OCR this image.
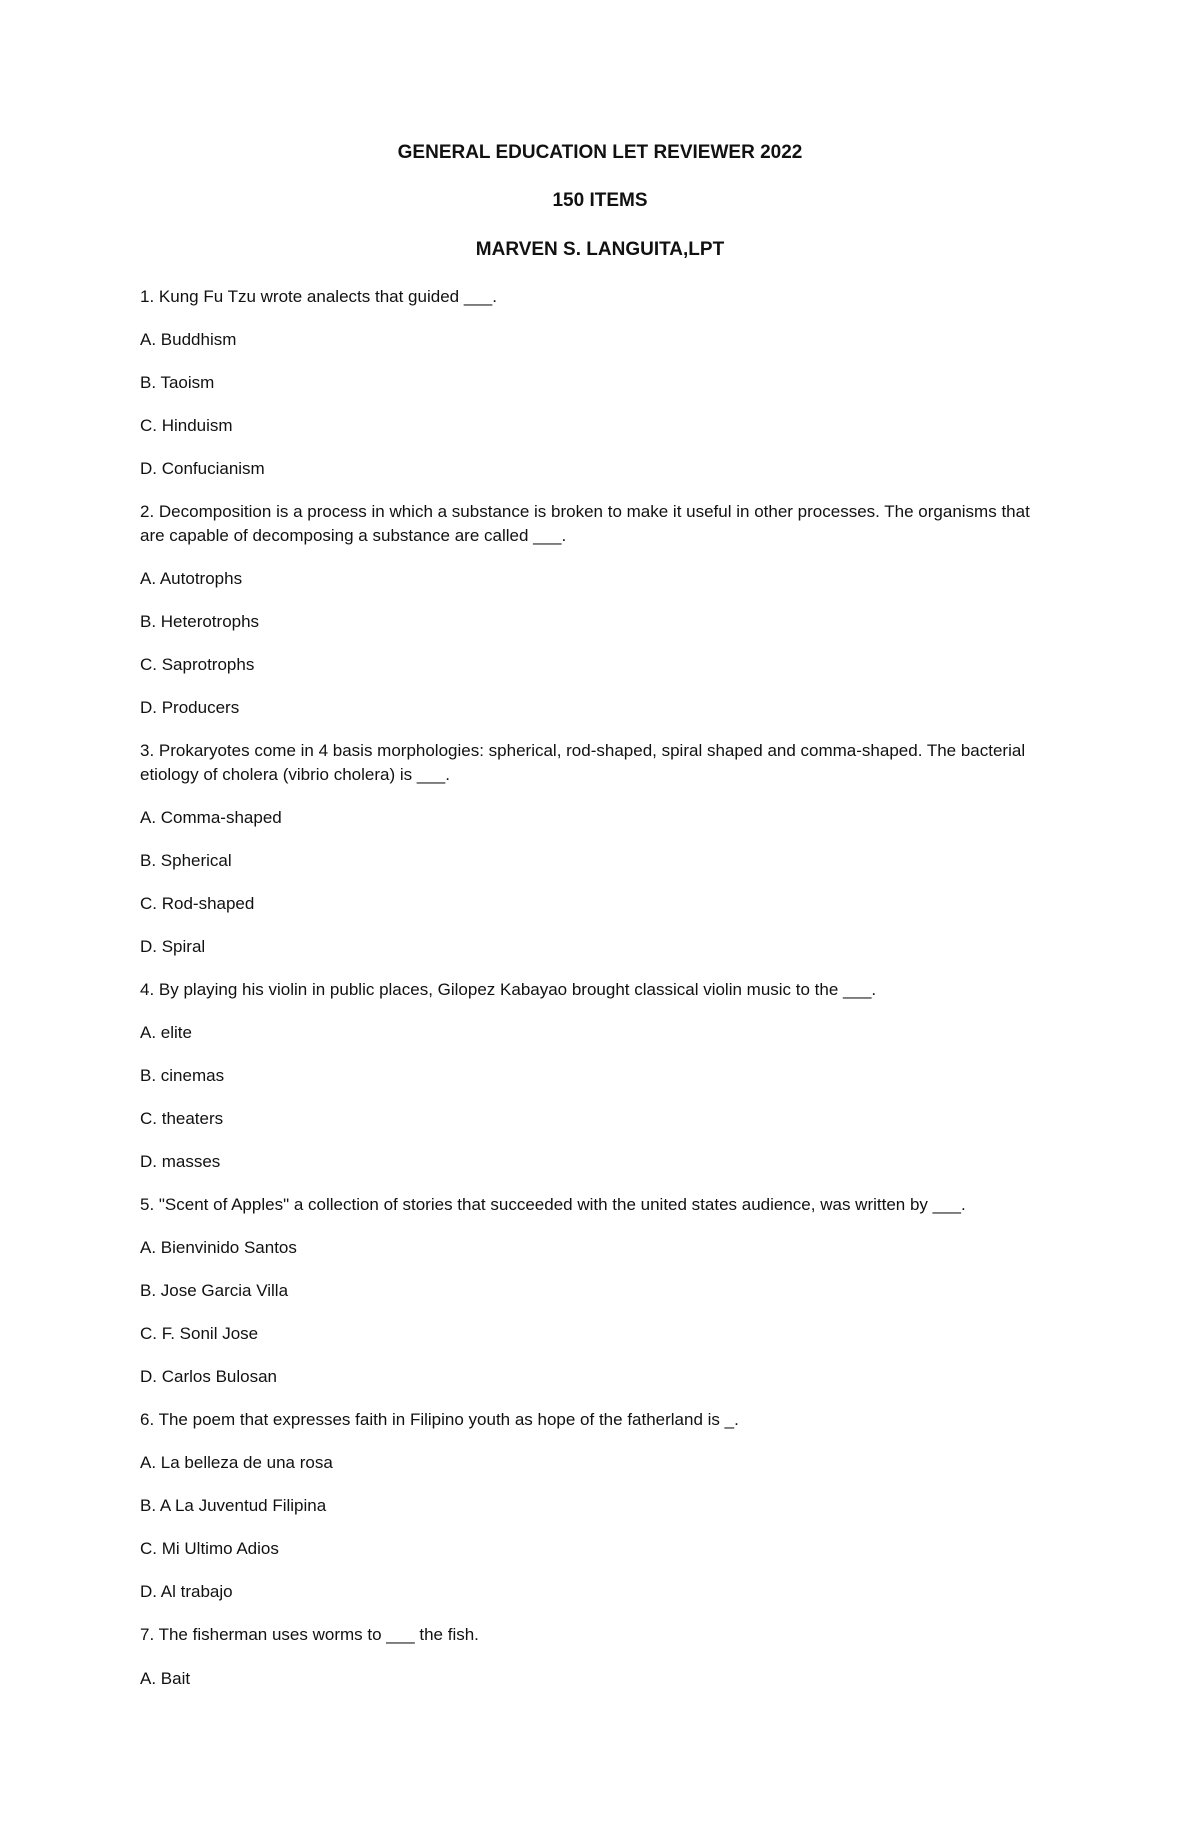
GENERAL EDUCATION LET REVIEWER 2022

150 ITEMS

MARVEN S. LANGUITA,LPT

1. Kung Fu Tzu wrote analects that guided ___.

A. Buddhism

B. Taoism

C. Hinduism

D. Confucianism

2. Decomposition is a process in which a substance is broken to make it useful in other processes. The organisms that are capable of decomposing a substance are called ___.

A. Autotrophs

B. Heterotrophs

C. Saprotrophs

D. Producers

3. Prokaryotes come in 4 basis morphologies: spherical, rod-shaped, spiral shaped and comma-shaped. The bacterial etiology of cholera (vibrio cholera) is ___.

A. Comma-shaped

B. Spherical

C. Rod-shaped

D. Spiral

4. By playing his violin in public places, Gilopez Kabayao brought classical violin music to the ___.

A. elite

B. cinemas

C. theaters

D. masses

5. "Scent of Apples" a collection of stories that succeeded with the united states audience, was written by ___.

A. Bienvinido Santos

B. Jose Garcia Villa

C. F. Sonil Jose

D. Carlos Bulosan

6. The poem that expresses faith in Filipino youth as hope of the fatherland is _.

A. La belleza de una rosa

B. A La Juventud Filipina

C. Mi Ultimo Adios

D. Al trabajo

7. The fisherman uses worms to ___ the fish.

A. Bait
